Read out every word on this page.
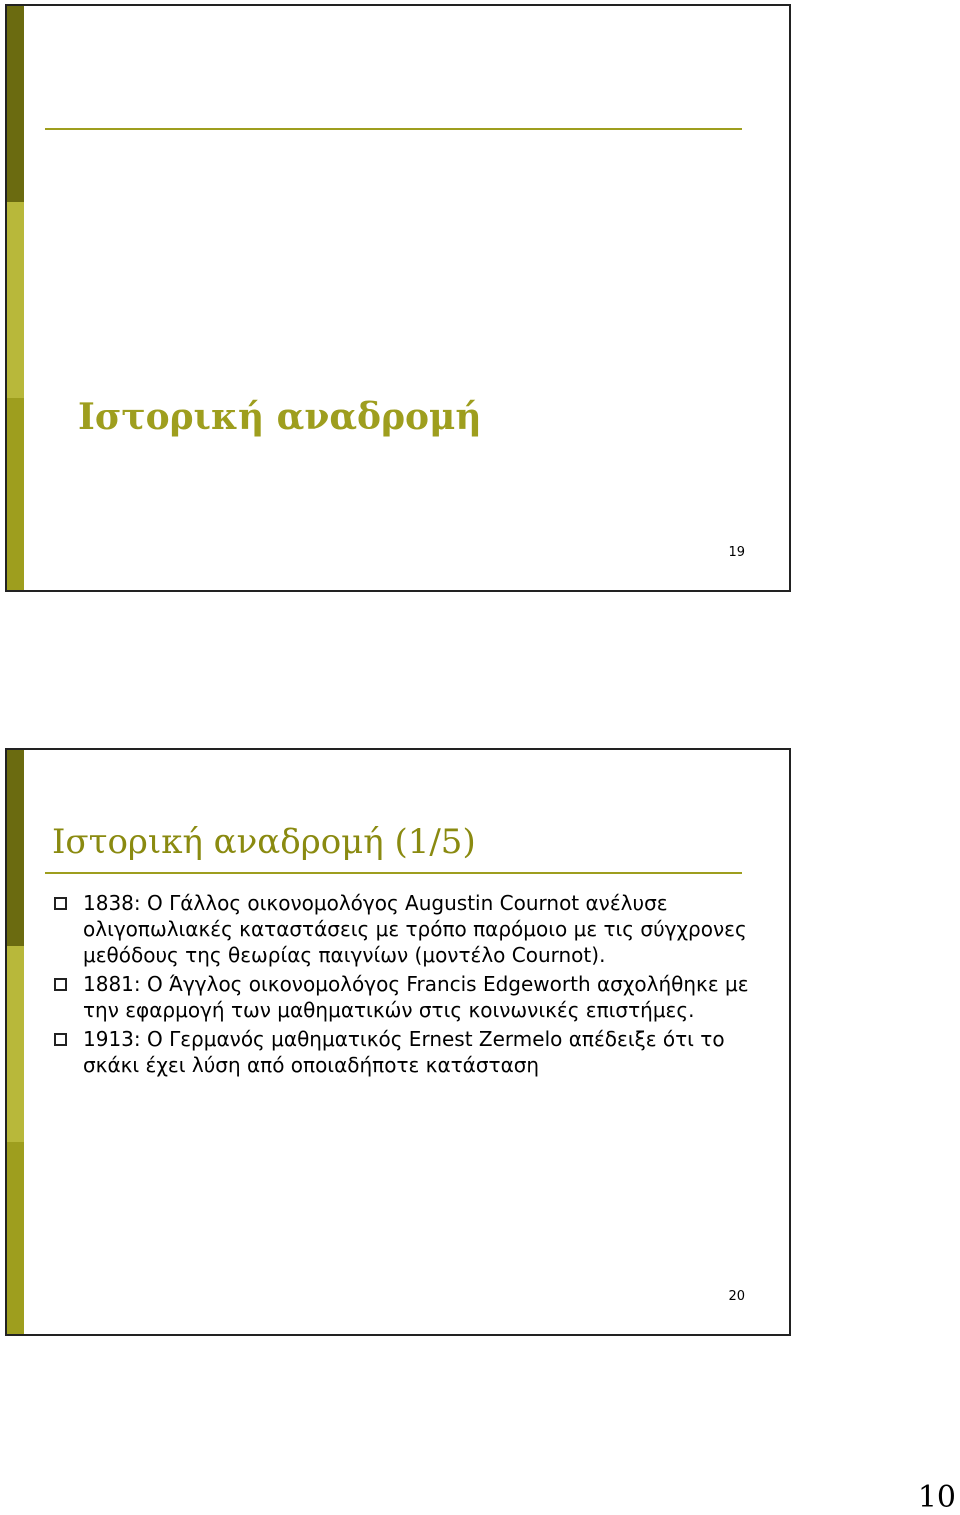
Ιστορική αναδρομή
19
Ιστορική αναδρομή (1/5)
1838: O Γάλλος οικονομολόγος Augustin Cournot ανέλυσε ολιγοπωλιακές καταστάσεις με τρόπο παρόμοιο με τις σύγχρονες μεθόδους της θεωρίας παιγνίων (μοντέλο Cournot).
1881: Ο Άγγλος οικονομολόγος Francis Edgeworth ασχολήθηκε με την εφαρμογή των μαθηματικών στις κοινωνικές επιστήμες.
1913: Ο Γερμανός μαθηματικός Ernest Zermelo απέδειξε ότι το σκάκι έχει λύση από οποιαδήποτε κατάσταση
20
10
